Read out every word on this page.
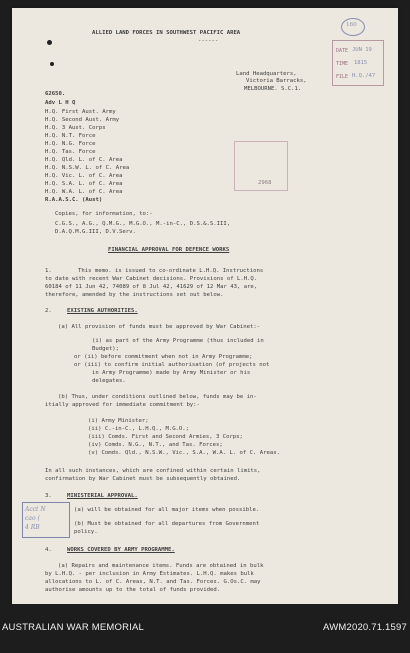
ALLIED LAND FORCES IN SOUTHWEST PACIFIC AREA
------
Land Headquarters,
Victoria Barracks,
MELBOURNE. S.C.1.
62650.
160
DATE JUN 19
TIME 1815
FILE H.Q./47
Adv L H Q
H.Q. First Aust. Army
H.Q. Second Aust. Army
H.Q. 3 Aust. Corps
H.Q. N.T. Force
H.Q. N.G. Force
H.Q. Tas. Force
H.Q. Qld. L. of C. Area
H.Q. N.S.W. L. of C. Area
H.Q. Vic. L. of C. Area
H.Q. S.A. L. of C. Area
H.Q. W.A. L. of C. Area
R.A.A.S.C. (Aust)
2968
Copies, for information, to:-
C.G.S., A.G., Q.M.G., M.G.O., M.-in-C., D.S.&.S.III,
D.A.Q.M.G.III, D.V.Serv.
FINANCIAL APPROVAL FOR DEFENCE WORKS
1.	This memo. is issued to co-ordinate L.H.Q. Instructions
to date with recent War Cabinet decisions. Provisions of L.H.Q.
60184 of 11 Jun 42, 74089 of 8 Jul 42, 41629 of 12 Mar 43, are,
therefore, amended by the instructions set out below.
2.	EXISTING AUTHORITIES.
(a) All provision of funds must be approved by War Cabinet:-
(i) as part of the Army Programme (thus included in
Budget);
or (ii) before commitment when not in Army Programme;
or (iii) to confirm initial authorisation (of projects not
in Army Programme) made by Army Minister or his
delegates.
(b) Thus, under conditions outlined below, funds may be in-
itially approved for immediate commitment by:-
(i) Army Minister;
(ii) C.-in-C., L.H.Q., M.G.O.;
(iii) Comds. First and Second Armies, 3 Corps;
(iv) Comds. N.G., N.T., and Tas. Forces;
(v) Comds. Qld., N.S.W., Vic., S.A., W.A. L. of C. Areas.
In all such instances, which are confined within certain limits,
confirmation by War Cabinet must be subsequently obtained.
3.	MINISTERIAL APPROVAL.
(a) will be obtained for all major items when possible.
(b) Must be obtained for all departures from Government
policy.
Acct N
cao (
4 RB
4.	WORKS COVERED BY ARMY PROGRAMME.
(a) Repairs and maintenance items. Funds are obtained in bulk
by L.H.Q. - per inclusion in Army Estimates. L.H.Q. makes bulk
allocations to L. of C. Areas, N.T. and Tas. Forces. G.Os.C. may
authorise amounts up to the total of funds provided.
AUSTRALIAN WAR MEMORIAL	AWM2020.71.1597
